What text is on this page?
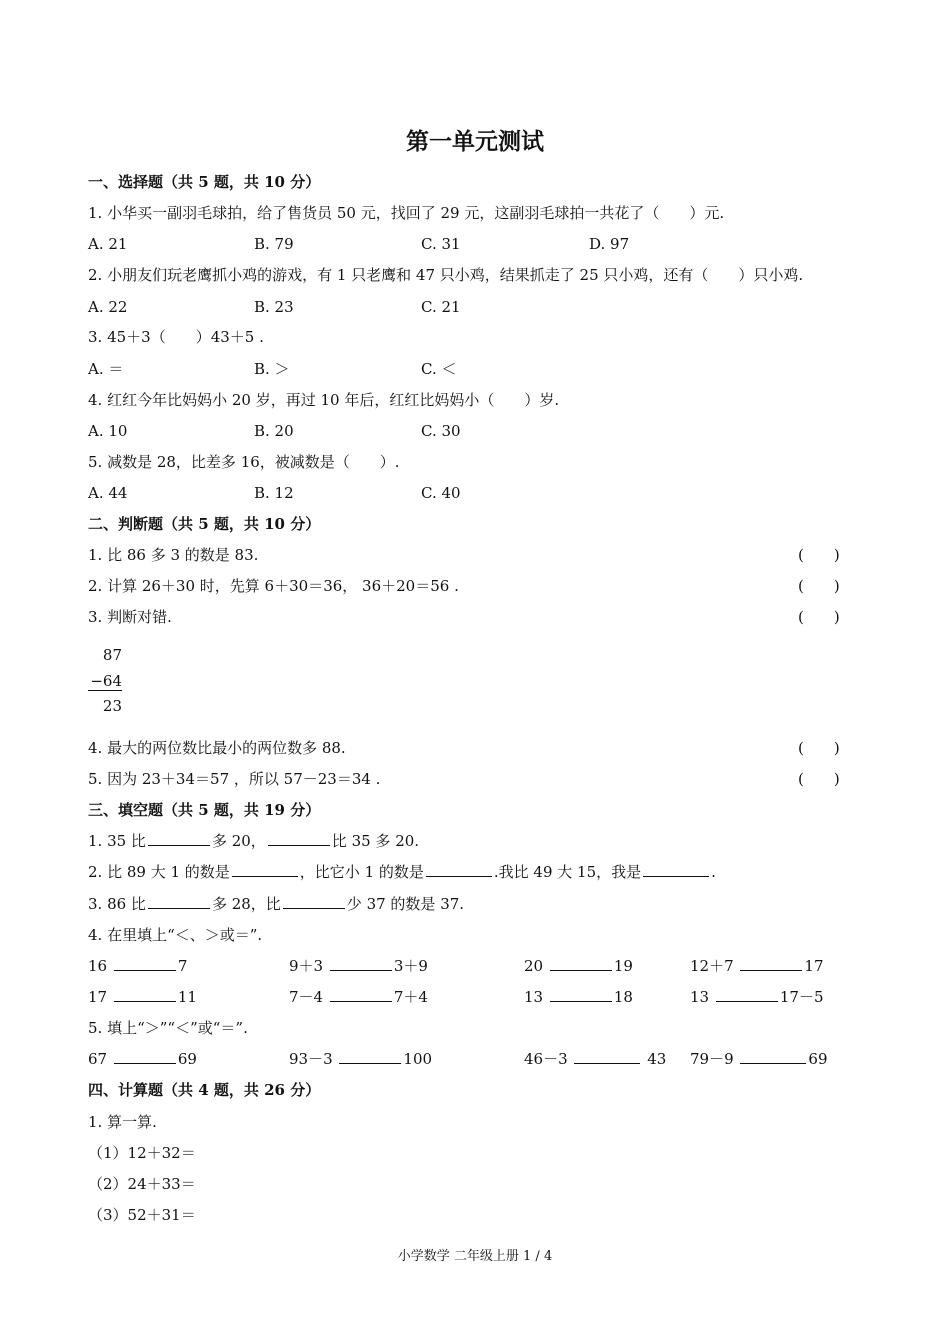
第一单元测试
一、选择题（共 5 题，共 10 分）
1. 小华买一副羽毛球拍，给了售货员 50 元，找回了 29 元，这副羽毛球拍一共花了（　　）元.
A. 21	B. 79	C. 31	D. 97
2. 小朋友们玩老鹰抓小鸡的游戏，有 1 只老鹰和 47 只小鸡，结果抓走了 25 只小鸡，还有（　　）只小鸡.
A. 22	B. 23	C. 21
3. 45＋3（　　）43＋5 .
A. ＝	B. ＞	C. ＜
4. 红红今年比妈妈小 20 岁，再过 10 年后，红红比妈妈小（　　）岁.
A. 10	B. 20	C. 30
5. 减数是 28，比差多 16，被减数是（　　）.
A. 44	B. 12	C. 40
二、判断题（共 5 题，共 10 分）
1. 比 86 多 3 的数是 83.	(　　)
2. 计算 26＋30 时，先算 6＋30＝36， 36＋20＝56 .	(　　)
3. 判断对错.	(　　)
87
−64
23
4. 最大的两位数比最小的两位数多 88.	(　　)
5. 因为 23＋34＝57 ，所以 57－23＝34 .	(　　)
三、填空题（共 5 题，共 19 分）
1. 35 比	多 20，	比 35 多 20.
2. 比 89 大 1 的数是	，比它小 1 的数是	.我比 49 大 15，我是	.
3. 86 比	多 28，比	少 37 的数是 37.
4. 在里填上“＜、＞或＝”.
16	7	9＋3	3＋9	20	19	12＋7	17
17	11	7－4	7＋4	13	18	13	17－5
5. 填上“＞”“＜”或“＝”.
67	69	93－3	100	46－3	43 79－9	69
四、计算题（共 4 题，共 26 分）
1. 算一算.
（1）12＋32＝
（2）24＋33＝
（3）52＋31＝
小学数学 二年级上册 1 / 4
